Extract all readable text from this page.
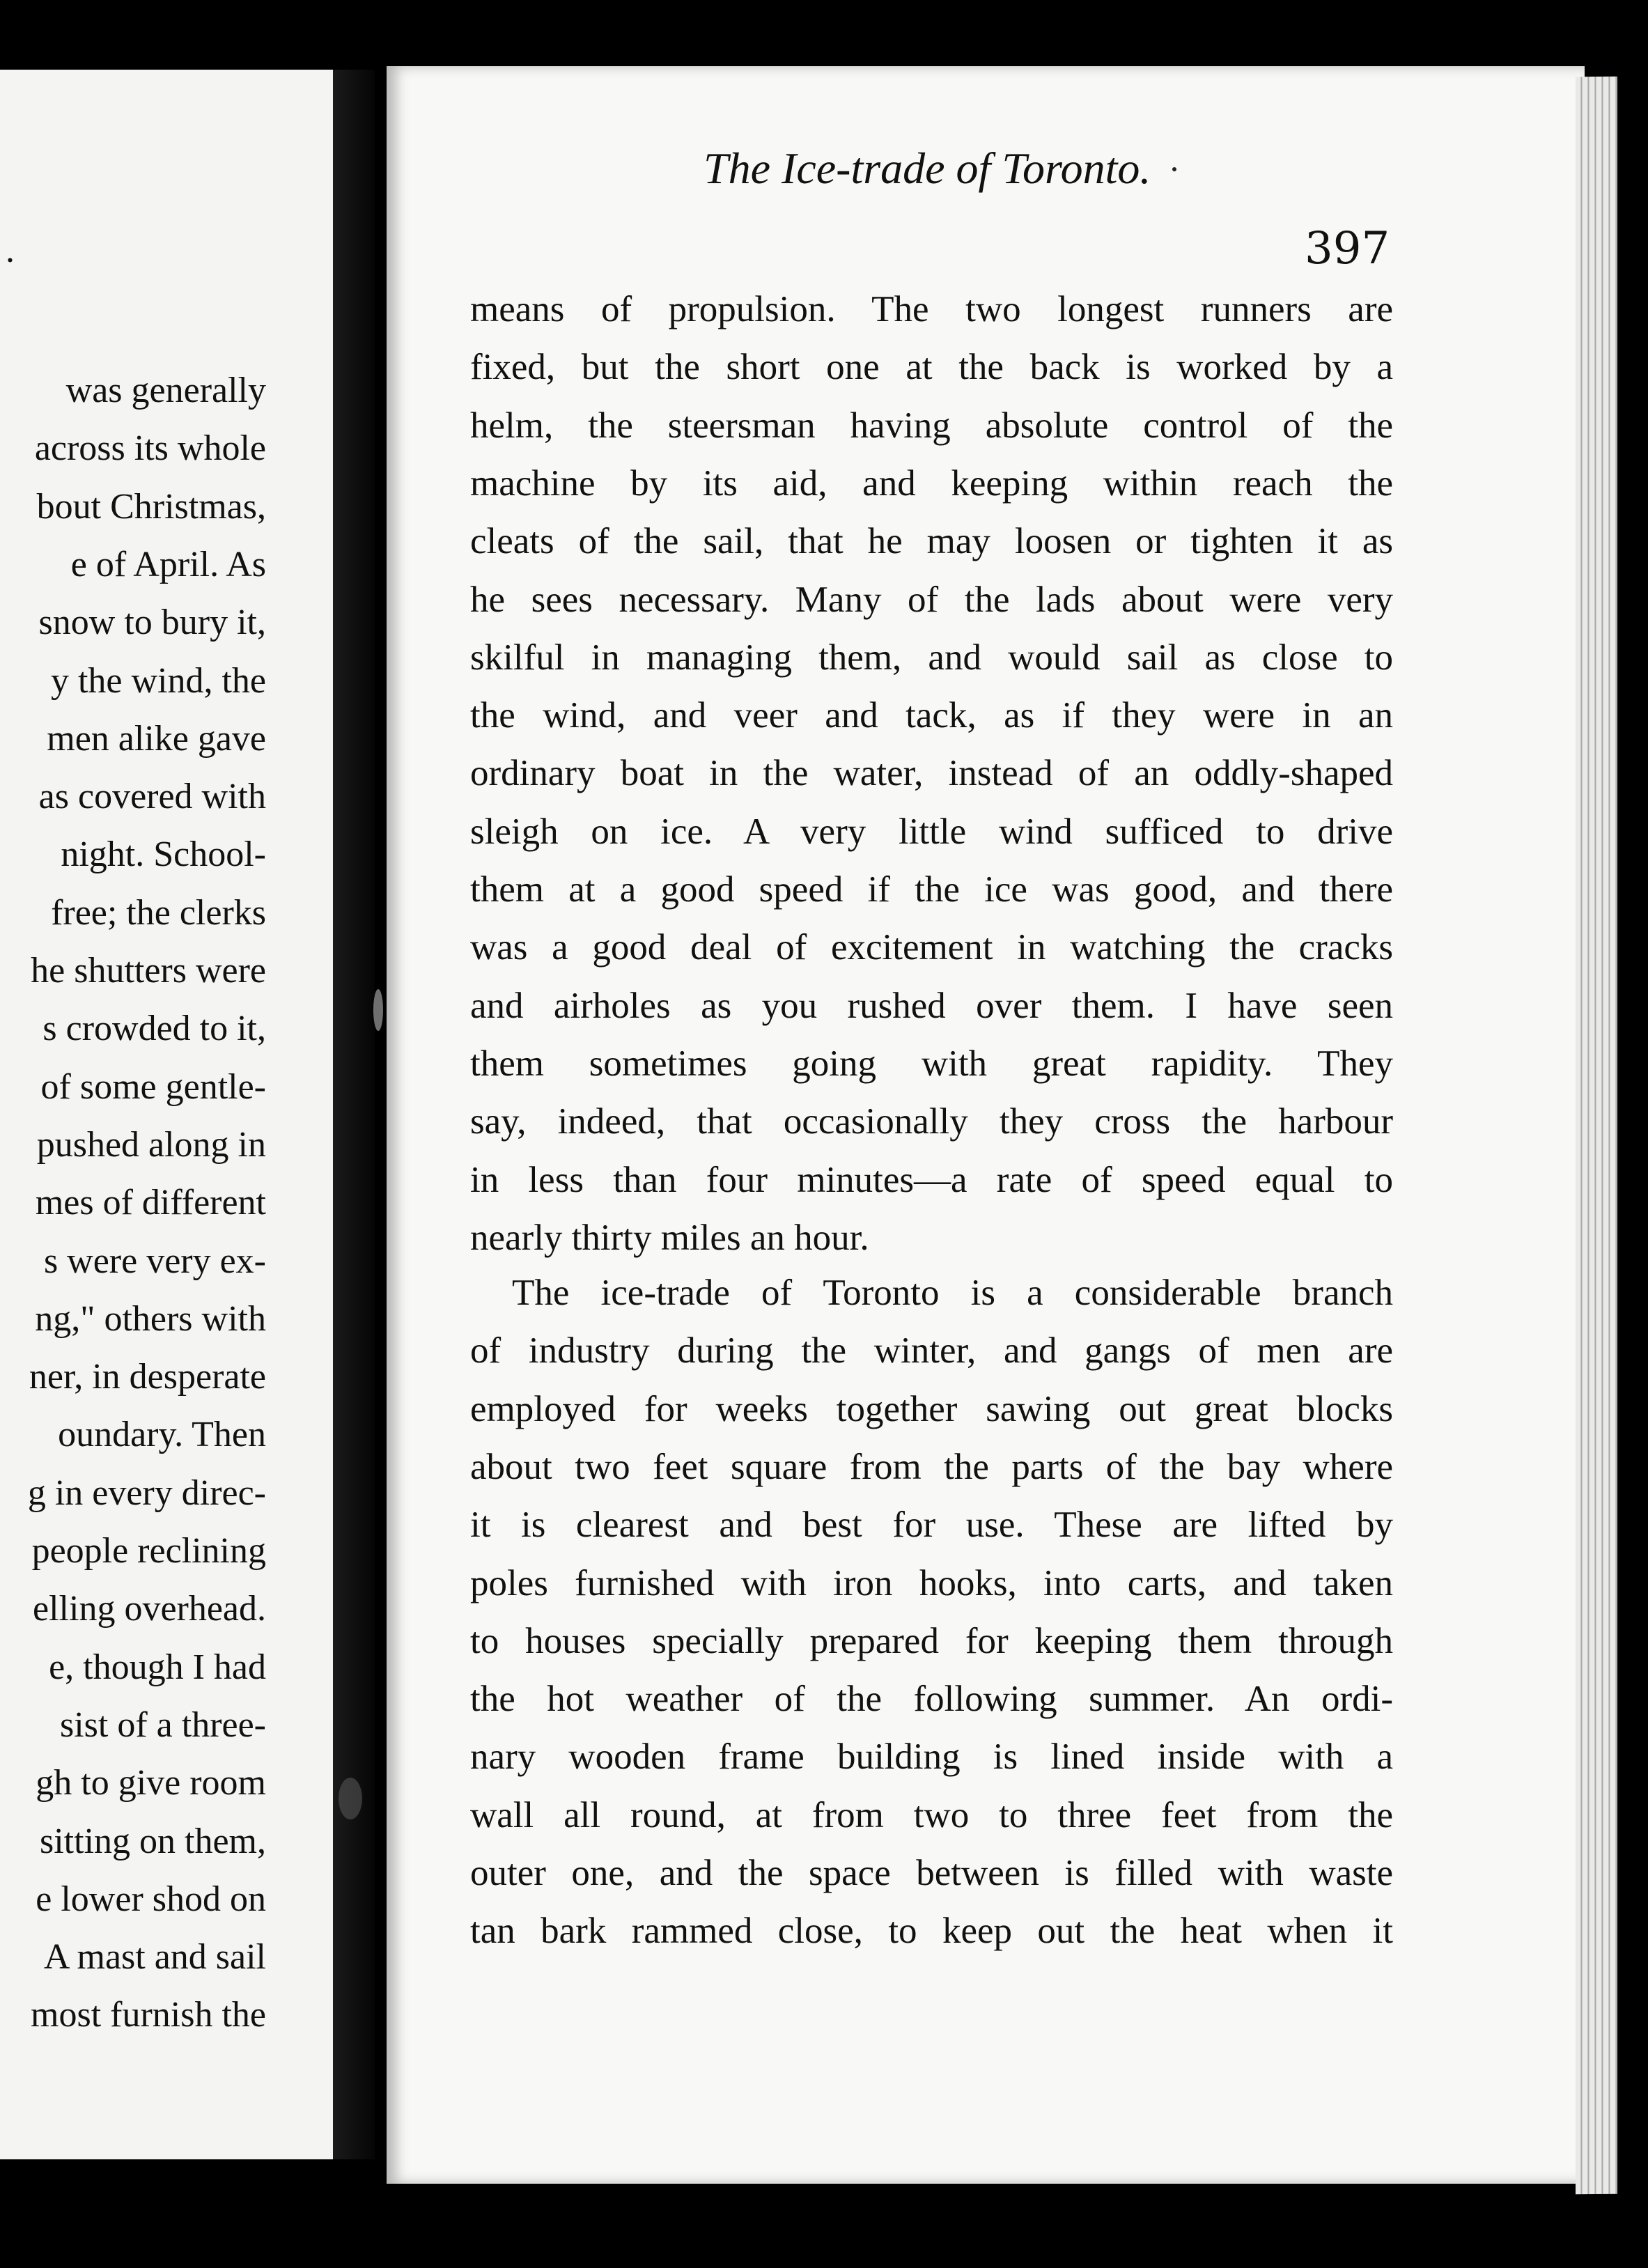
.
was generally
across its whole
bout Christmas,
e of April. As
snow to bury it,
y the wind, the
men alike gave
as covered with
night. School-
free; the clerks
he shutters were
s crowded to it,
of some gentle-
pushed along in
mes of different
s were very ex-
ng," others with
ner, in desperate
oundary. Then
g in every direc-
people reclining
elling overhead.
e, though I had
sist of a three-
gh to give room
sitting on them,
e lower shod on
A mast and sail
most furnish the
The Ice-trade of Toronto.
397
means of propulsion. The two longest runners are
fixed, but the short one at the back is worked by a
helm, the steersman having absolute control of the
machine by its aid, and keeping within reach the
cleats of the sail, that he may loosen or tighten it as
he sees necessary. Many of the lads about were very
skilful in managing them, and would sail as close to
the wind, and veer and tack, as if they were in an
ordinary boat in the water, instead of an oddly-shaped
sleigh on ice. A very little wind sufficed to drive
them at a good speed if the ice was good, and there
was a good deal of excitement in watching the cracks
and airholes as you rushed over them. I have seen
them sometimes going with great rapidity. They
say, indeed, that occasionally they cross the harbour
in less than four minutes—a rate of speed equal to
nearly thirty miles an hour.
The ice-trade of Toronto is a considerable branch
of industry during the winter, and gangs of men are
employed for weeks together sawing out great blocks
about two feet square from the parts of the bay where
it is clearest and best for use. These are lifted by
poles furnished with iron hooks, into carts, and taken
to houses specially prepared for keeping them through
the hot weather of the following summer. An ordi-
nary wooden frame building is lined inside with a
wall all round, at from two to three feet from the
outer one, and the space between is filled with waste
tan bark rammed close, to keep out the heat when it
